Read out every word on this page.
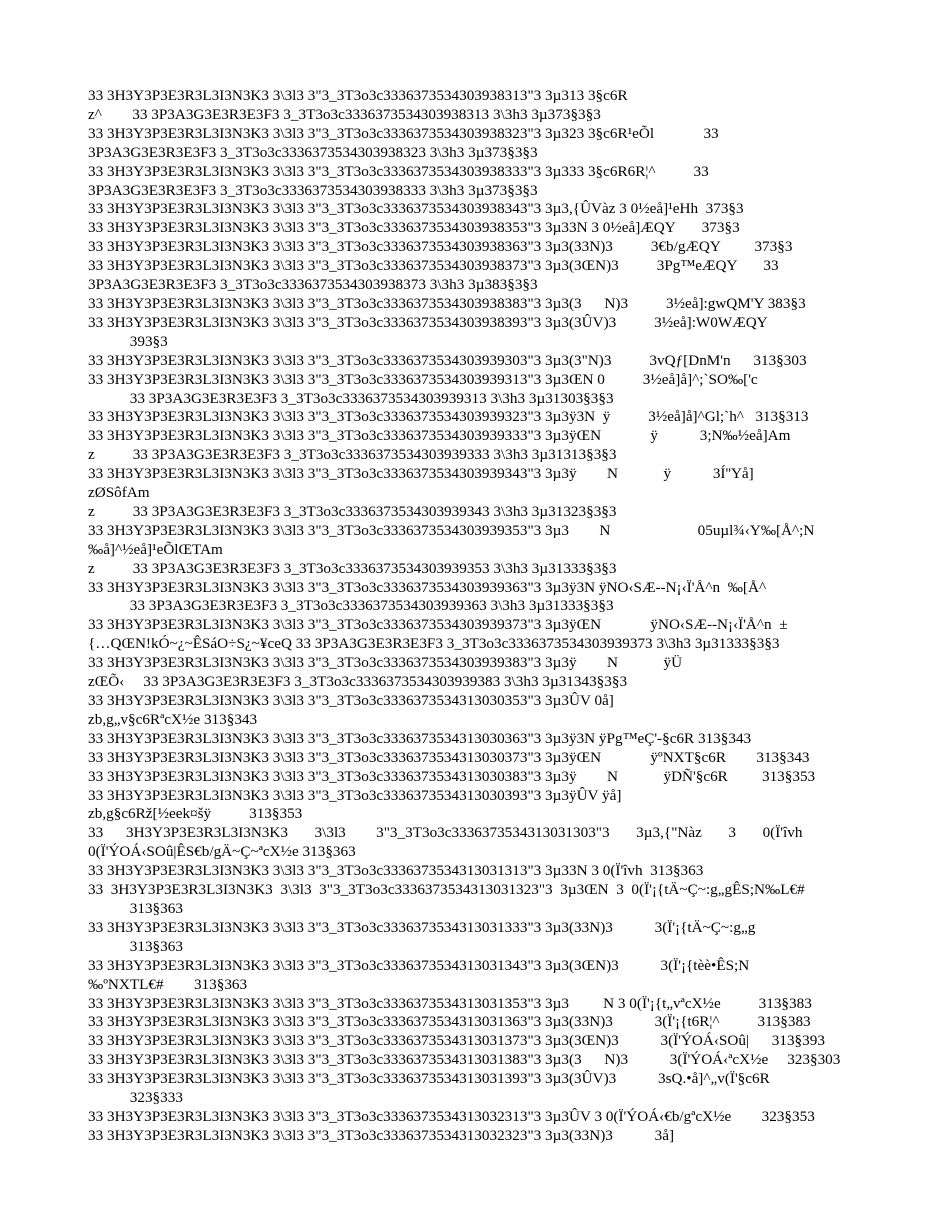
33 3H3Y3P3E3R3L3I3N3K3 3\3l3 3"3_3T3o3c3336373534303938313"3 3µ313 3§c6R
z^        33 3P3A3G3E3R3E3F3 3_3T3o3c3336373534303938313 3\3h3 3µ373§3§3
33 3H3Y3P3E3R3L3I3N3K3 3\3l3 3"3_3T3o3c3336373534303938323"3 3µ323 3§c6R¹eÕl             33
3P3A3G3E3R3E3F3 3_3T3o3c3336373534303938323 3\3h3 3µ373§3§3
33 3H3Y3P3E3R3L3I3N3K3 3\3l3 3"3_3T3o3c3336373534303938333"3 3µ333 3§c6R6R¦^          33
3P3A3G3E3R3E3F3 3_3T3o3c3336373534303938333 3\3h3 3µ373§3§3
33 3H3Y3P3E3R3L3I3N3K3 3\3l3 3"3_3T3o3c3336373534303938343"3 3µ3,{ÛVàz 3 0½eå]¹eHh  373§3
33 3H3Y3P3E3R3L3I3N3K3 3\3l3 3"3_3T3o3c3336373534303938353"3 3µ33N 3 0½eå]ÆQY       373§3
33 3H3Y3P3E3R3L3I3N3K3 3\3l3 3"3_3T3o3c3336373534303938363"3 3µ3(33N)3          3€b/gÆQY         373§3
33 3H3Y3P3E3R3L3I3N3K3 3\3l3 3"3_3T3o3c3336373534303938373"3 3µ3(3ŒN)3          3Pg™eÆQY       33
3P3A3G3E3R3E3F3 3_3T3o3c3336373534303938373 3\3h3 3µ383§3§3
33 3H3Y3P3E3R3L3I3N3K3 3\3l3 3"3_3T3o3c3336373534303938383"3 3µ3(3      N)3          3½eå]:gwQM'Y 383§3
33 3H3Y3P3E3R3L3I3N3K3 3\3l3 3"3_3T3o3c3336373534303938393"3 3µ3(3ÛV)3          3½eå]:W0WÆQY
393§3
33 3H3Y3P3E3R3L3I3N3K3 3\3l3 3"3_3T3o3c3336373534303939303"3 3µ3(3"N)3          3vQƒ[DnM'n      313§303
33 3H3Y3P3E3R3L3I3N3K3 3\3l3 3"3_3T3o3c3336373534303939313"3 3µ3ŒN 0          3½eå]å]^;`SO‰['c
33 3P3A3G3E3R3E3F3 3_3T3o3c3336373534303939313 3\3h3 3µ31303§3§3
33 3H3Y3P3E3R3L3I3N3K3 3\3l3 3"3_3T3o3c3336373534303939323"3 3µ3ÿ3N  ÿ          3½eå]å]^Gl;`h^   313§313
33 3H3Y3P3E3R3L3I3N3K3 3\3l3 3"3_3T3o3c3336373534303939333"3 3µ3ÿŒN             ÿ           3;N‰½eå]Am
z          33 3P3A3G3E3R3E3F3 3_3T3o3c3336373534303939333 3\3h3 3µ31313§3§3
33 3H3Y3P3E3R3L3I3N3K3 3\3l3 3"3_3T3o3c3336373534303939343"3 3µ3ÿ        N            ÿ           3Í''Yå]
zØSôfAm
z          33 3P3A3G3E3R3E3F3 3_3T3o3c3336373534303939343 3\3h3 3µ31323§3§3
33 3H3Y3P3E3R3L3I3N3K3 3\3l3 3"3_3T3o3c3336373534303939353"3 3µ3        N                       05uµl¾‹Y‰[Å^;N
‰å]^½eå]¹eÕlŒTAm
z          33 3P3A3G3E3R3E3F3 3_3T3o3c3336373534303939353 3\3h3 3µ31333§3§3
33 3H3Y3P3E3R3L3I3N3K3 3\3l3 3"3_3T3o3c3336373534303939363"3 3µ3ÿ3N ÿNO‹SÆ--N¡‹Ï'Å^n  ‰[Å^
33 3P3A3G3E3R3E3F3 3_3T3o3c3336373534303939363 3\3h3 3µ31333§3§3
33 3H3Y3P3E3R3L3I3N3K3 3\3l3 3"3_3T3o3c3336373534303939373"3 3µ3ÿŒN             ÿNO‹SÆ--N¡‹Ï'Å^n  ±
{…QŒN!kÓ~¿~ÊSáO÷S¿~¥ceQ 33 3P3A3G3E3R3E3F3 3_3T3o3c3336373534303939373 3\3h3 3µ31333§3§3
33 3H3Y3P3E3R3L3I3N3K3 3\3l3 3"3_3T3o3c3336373534303939383"3 3µ3ÿ        N            ÿÜ
zŒÕ‹     33 3P3A3G3E3R3E3F3 3_3T3o3c3336373534303939383 3\3h3 3µ31343§3§3
33 3H3Y3P3E3R3L3I3N3K3 3\3l3 3"3_3T3o3c3336373534313030353"3 3µ3ÛV 0å]
zb,g„v§c6RªcX½e 313§343
33 3H3Y3P3E3R3L3I3N3K3 3\3l3 3"3_3T3o3c3336373534313030363"3 3µ3ÿ3N ÿPg™eÇ'-§c6R 313§343
33 3H3Y3P3E3R3L3I3N3K3 3\3l3 3"3_3T3o3c3336373534313030373"3 3µ3ÿŒN             ÿºNXT§c6R        313§343
33 3H3Y3P3E3R3L3I3N3K3 3\3l3 3"3_3T3o3c3336373534313030383"3 3µ3ÿ        N            ÿDÑ'§c6R         313§353
33 3H3Y3P3E3R3L3I3N3K3 3\3l3 3"3_3T3o3c3336373534313030393"3 3µ3ÿÛV ÿå]
zb,g§c6Rž[½eek¤šÿ          313§353
33      3H3Y3P3E3R3L3I3N3K3       3\3l3        3"3_3T3o3c3336373534313031303"3       3µ3,{"Nàz       3       0(Ï'îvh
0(Ï'ÝOÁ‹SOû|ÊS€b/gÄ~Ç~ªcX½e 313§363
33 3H3Y3P3E3R3L3I3N3K3 3\3l3 3"3_3T3o3c3336373534313031313"3 3µ33N 3 0(Ï'îvh  313§363
33  3H3Y3P3E3R3L3I3N3K3  3\3l3  3"3_3T3o3c3336373534313031323"3  3µ3ŒN  3  0(Ï'¡{tÄ~Ç~:g„gÊS;N‰L€#
313§363
33 3H3Y3P3E3R3L3I3N3K3 3\3l3 3"3_3T3o3c3336373534313031333"3 3µ3(33N)3           3(Ï'¡{tÄ~Ç~:g„g
313§363
33 3H3Y3P3E3R3L3I3N3K3 3\3l3 3"3_3T3o3c3336373534313031343"3 3µ3(3ŒN)3           3(Ï'¡{tèè•ÊS;N
‰ºNXTL€#        313§363
33 3H3Y3P3E3R3L3I3N3K3 3\3l3 3"3_3T3o3c3336373534313031353"3 3µ3         N 3 0(Ï'¡{t„vªcX½e          313§383
33 3H3Y3P3E3R3L3I3N3K3 3\3l3 3"3_3T3o3c3336373534313031363"3 3µ3(33N)3           3(Ï'¡{t6R¦^          313§383
33 3H3Y3P3E3R3L3I3N3K3 3\3l3 3"3_3T3o3c3336373534313031373"3 3µ3(3ŒN)3           3(Ï'ÝOÁ‹SOû|      313§393
33 3H3Y3P3E3R3L3I3N3K3 3\3l3 3"3_3T3o3c3336373534313031383"3 3µ3(3      N)3           3(Ï'ÝOÁ‹ªcX½e     323§303
33 3H3Y3P3E3R3L3I3N3K3 3\3l3 3"3_3T3o3c3336373534313031393"3 3µ3(3ÛV)3           3sQ.•å]^„v(Ï'§c6R
323§333
33 3H3Y3P3E3R3L3I3N3K3 3\3l3 3"3_3T3o3c3336373534313032313"3 3µ3ÛV 3 0(Ï'ÝOÁ‹€b/gªcX½e        323§353
33 3H3Y3P3E3R3L3I3N3K3 3\3l3 3"3_3T3o3c3336373534313032323"3 3µ3(33N)3           3å]
